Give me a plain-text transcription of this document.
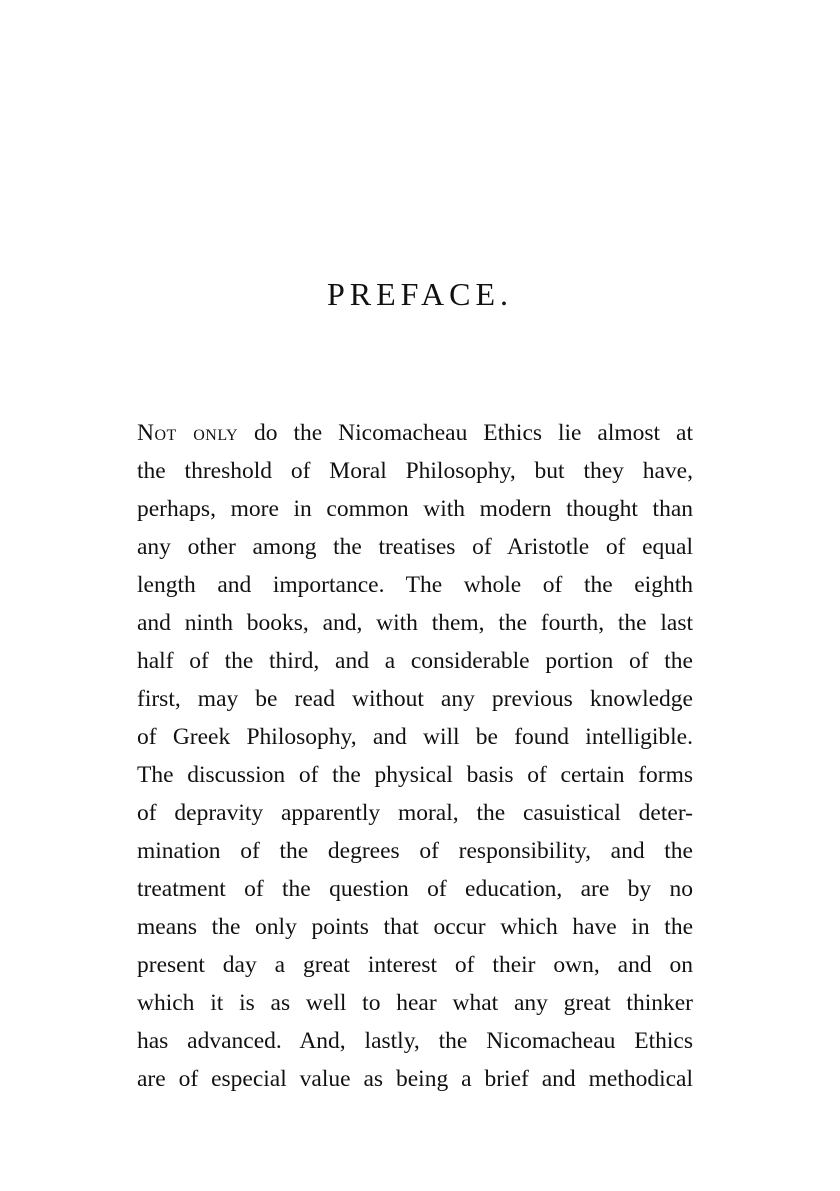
PREFACE.
Not only do the Nicomacheau Ethics lie almost at
the threshold of Moral Philosophy, but they have,
perhaps, more in common with modern thought than
any other among the treatises of Aristotle of equal
length and importance. The whole of the eighth
and ninth books, and, with them, the fourth, the last
half of the third, and a considerable portion of the
first, may be read without any previous knowledge
of Greek Philosophy, and will be found intelligible.
The discussion of the physical basis of certain forms
of depravity apparently moral, the casuistical deter-
mination of the degrees of responsibility, and the
treatment of the question of education, are by no
means the only points that occur which have in the
present day a great interest of their own, and on
which it is as well to hear what any great thinker
has advanced. And, lastly, the Nicomacheau Ethics
are of especial value as being a brief and methodical
